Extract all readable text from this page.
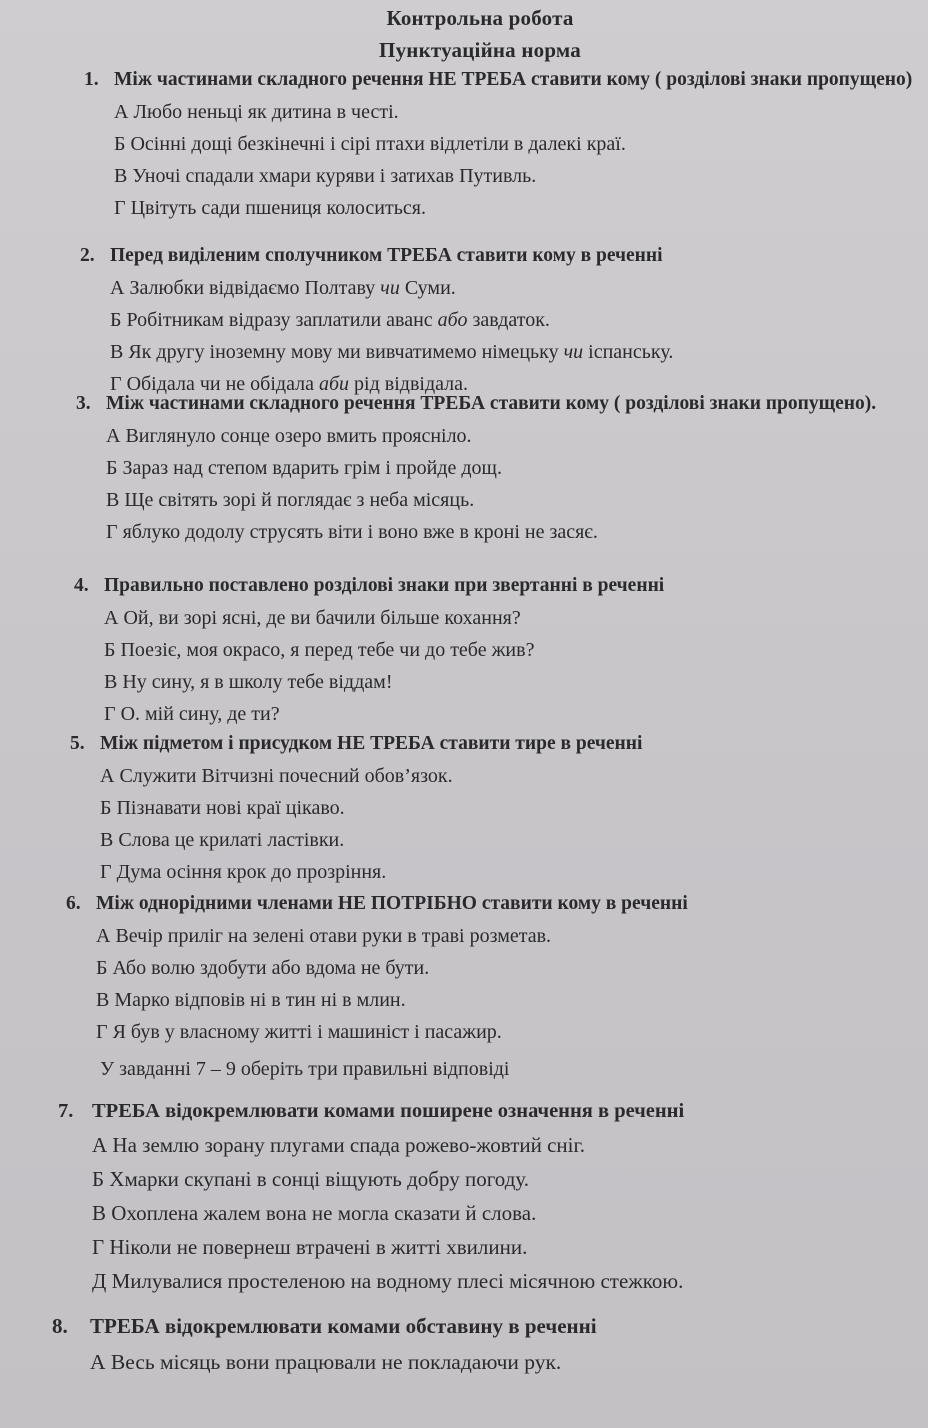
Контрольна робота
Пунктуаційна норма
1. Між частинами складного речення НЕ ТРЕБА ставити кому ( розділові знаки пропущено)
А Любо неньці як дитина в честі.
Б Осінні дощі безкінечні і сірі птахи відлетіли в далекі краї.
В Уночі спадали хмари куряви і затихав Путивль.
Г Цвітуть сади пшениця колоситься.
2. Перед виділеним сполучником ТРЕБА ставити кому в реченні
А Залюбки відвідаємо Полтаву чи Суми.
Б Робітникам відразу заплатили аванс або завдаток.
В Як другу іноземну мову ми вивчатимемо німецьку чи іспанську.
Г Обідала чи не обідала аби рід відвідала.
3. Між частинами складного речення ТРЕБА ставити кому ( розділові знаки пропущено).
А Виглянуло сонце озеро вмить проясніло.
Б Зараз над степом вдарить грім і пройде дощ.
В Ще світять зорі й поглядає з неба місяць.
Г яблуко додолу струсять віти і воно вже в кроні не засяє.
4. Правильно поставлено розділові знаки при звертанні в реченні
А Ой, ви зорі ясні, де ви бачили більше кохання?
Б Поезіє, моя окрасо, я перед тебе чи до тебе жив?
В Ну сину, я в школу тебе віддам!
Г О. мій сину, де ти?
5. Між підметом і присудком НЕ ТРЕБА ставити тире в реченні
А Служити Вітчизні почесний обов’язок.
Б Пізнавати нові краї цікаво.
В Слова це крилаті ластівки.
Г Дума осіння крок до прозріння.
6. Між однорідними членами НЕ ПОТРІБНО ставити кому в реченні
А Вечір приліг на зелені отави руки в траві розметав.
Б Або волю здобути або вдома не бути.
В Марко відповів ні в тин ні в млин.
Г Я був у власному житті і машиніст і пасажир.
У завданні 7 – 9 оберіть три правильні відповіді
7. ТРЕБА відокремлювати комами поширене означення в реченні
А На землю зорану плугами спада рожево-жовтий сніг.
Б Хмарки скупані в сонці віщують добру погоду.
В Охоплена жалем вона не могла сказати й слова.
Г Ніколи не повернеш втрачені в житті хвилини.
Д Милувалися простеленою на водному плесі місячною стежкою.
8.	ТРЕБА відокремлювати комами обставину в реченні
А Весь місяць вони працювали не покладаючи рук.
